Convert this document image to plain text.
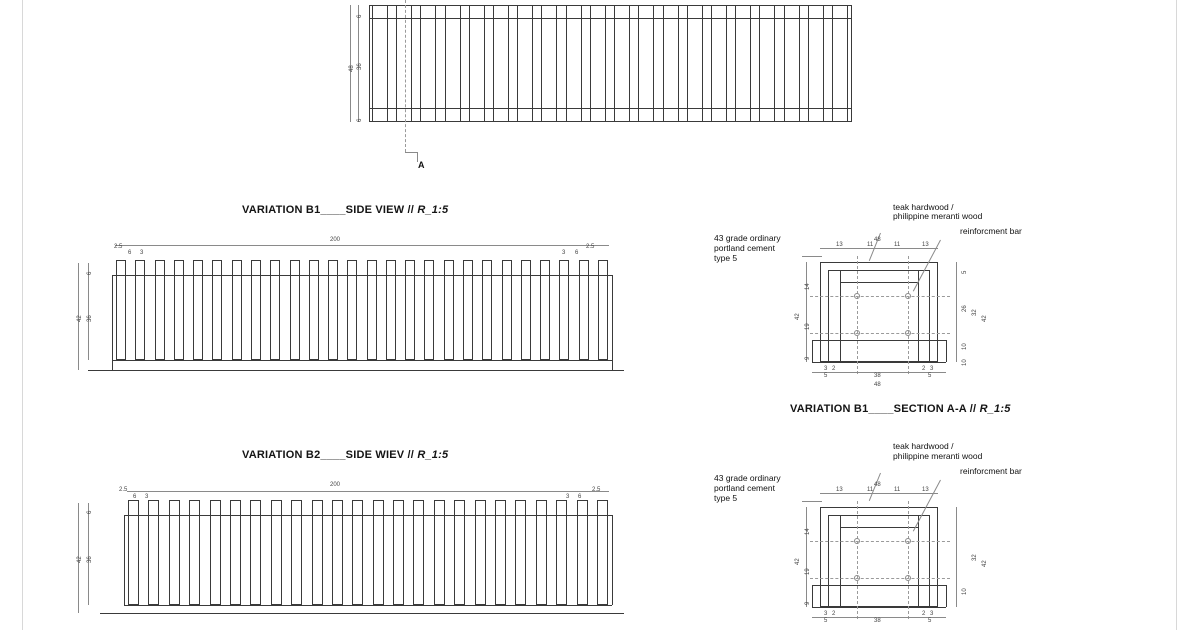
A
6
48 36
6
VARIATION B1____SIDE VIEW // R_1:5
200
2.5
6 3	3 6
2.5
6
42 36
teak hardwood /
philippine meranti wood
reinforcment bar
43 grade ordinary
portland cement
type 5
48
13	11	11	13
14
19
9
42
5
26
32
10
10
42
3 2	2 3
5	38	5
48
VARIATION B1____SECTION A-A // R_1:5
VARIATION B2____SIDE WIEV // R_1:5
200
2.5
6 3	3 6
2.5
6
42 36
teak hardwood /
philippine meranti wood
reinforcment bar
43 grade ordinary
portland cement
type 5
48
13	11	11	13
14
19
9
42
32
10
42
3 2	2 3
5	38	5
